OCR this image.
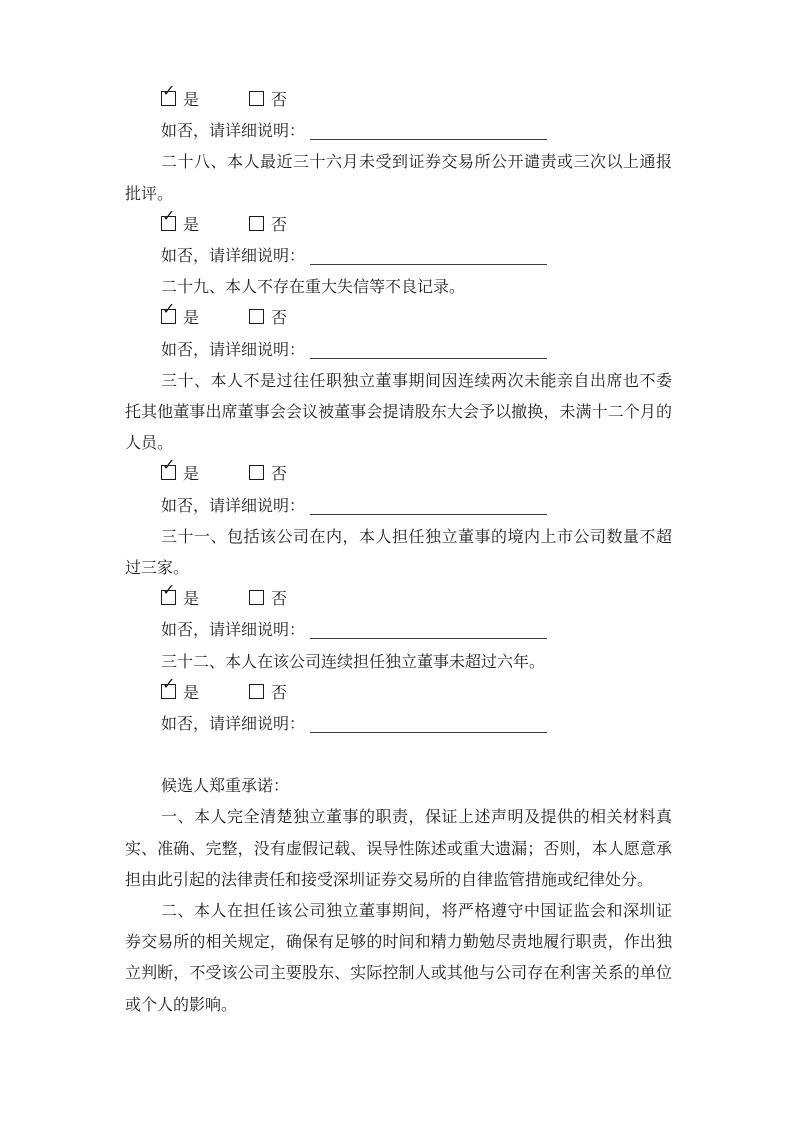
✓
是	否
如否，请详细说明：

二十八、本人最近三十六月未受到证券交易所公开谴责或三次以上通报批评。

✓
是	否
如否，请详细说明：

二十九、本人不存在重大失信等不良记录。

✓
是	否
如否，请详细说明：

三十、本人不是过往任职独立董事期间因连续两次未能亲自出席也不委托其他董事出席董事会会议被董事会提请股东大会予以撤换，未满十二个月的人员。

✓
是	否
如否，请详细说明：

三十一、包括该公司在内，本人担任独立董事的境内上市公司数量不超过三家。

✓
是	否
如否，请详细说明：

三十二、本人在该公司连续担任独立董事未超过六年。

✓
是	否
如否，请详细说明：

候选人郑重承诺：

一、本人完全清楚独立董事的职责，保证上述声明及提供的相关材料真实、准确、完整，没有虚假记载、误导性陈述或重大遗漏；否则，本人愿意承担由此引起的法律责任和接受深圳证券交易所的自律监管措施或纪律处分。

二、本人在担任该公司独立董事期间，将严格遵守中国证监会和深圳证券交易所的相关规定，确保有足够的时间和精力勤勉尽责地履行职责，作出独立判断，不受该公司主要股东、实际控制人或其他与公司存在利害关系的单位或个人的影响。
